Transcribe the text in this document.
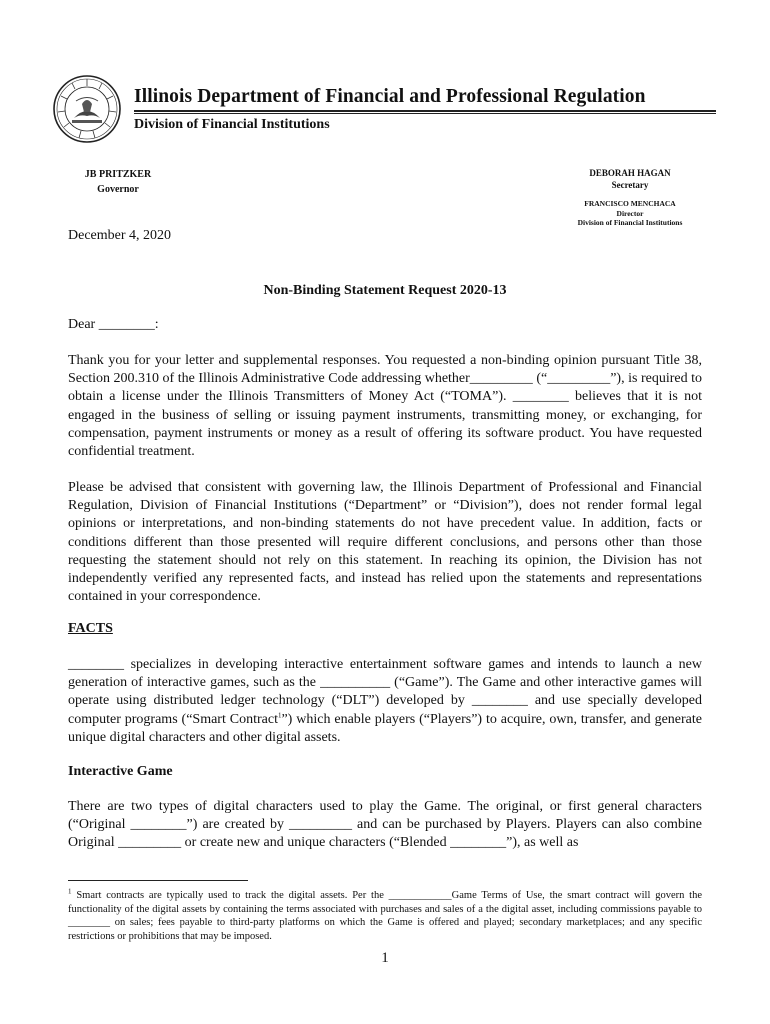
Illinois Department of Financial and Professional Regulation
Division of Financial Institutions
JB PRITZKER
Governor
DEBORAH HAGAN
Secretary
FRANCISCO MENCHACA
Director
Division of Financial Institutions
December 4, 2020
Non-Binding Statement Request 2020-13
Dear ________:
Thank you for your letter and supplemental responses. You requested a non-binding opinion pursuant Title 38, Section 200.310 of the Illinois Administrative Code addressing whether_________ (“_________”), is required to obtain a license under the Illinois Transmitters of Money Act (“TOMA”). ________ believes that it is not engaged in the business of selling or issuing payment instruments, transmitting money, or exchanging, for compensation, payment instruments or money as a result of offering its software product. You have requested confidential treatment.
Please be advised that consistent with governing law, the Illinois Department of Professional and Financial Regulation, Division of Financial Institutions (“Department” or “Division”), does not render formal legal opinions or interpretations, and non-binding statements do not have precedent value. In addition, facts or conditions different than those presented will require different conclusions, and persons other than those requesting the statement should not rely on this statement. In reaching its opinion, the Division has not independently verified any represented facts, and instead has relied upon the statements and representations contained in your correspondence.
FACTS
________ specializes in developing interactive entertainment software games and intends to launch a new generation of interactive games, such as the __________ (“Game”). The Game and other interactive games will operate using distributed ledger technology (“DLT”) developed by ________ and use specially developed computer programs (“Smart Contract$^1$”) which enable players (“Players”) to acquire, own, transfer, and generate unique digital characters and other digital assets.
Interactive Game
There are two types of digital characters used to play the Game. The original, or first general characters (“Original ________”) are created by _________ and can be purchased by Players. Players can also combine Original _________ or create new and unique characters (“Blended ________”), as well as
$^1$ Smart contracts are typically used to track the digital assets. Per the ____________Game Terms of Use, the smart contract will govern the functionality of the digital assets by containing the terms associated with purchases and sales of a the digital asset, including commissions payable to ________ on sales; fees payable to third-party platforms on which the Game is offered and played; secondary marketplaces; and any specific restrictions or prohibitions that may be imposed.
1
